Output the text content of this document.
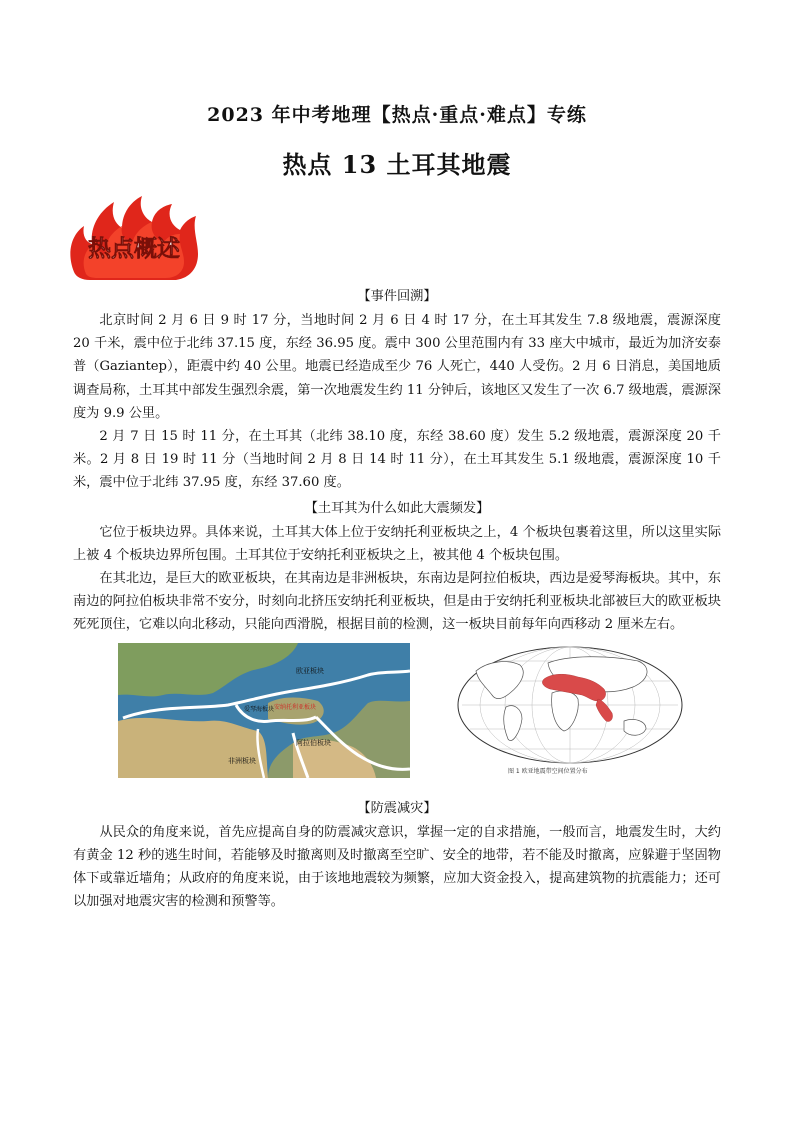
2023 年中考地理【热点·重点·难点】专练
热点 13 土耳其地震
热点概述
【事件回溯】

北京时间 2 月 6 日 9 时 17 分，当地时间 2 月 6 日 4 时 17 分，在土耳其发生 7.8 级地震，震源深度 20 千米，震中位于北纬 37.15 度，东经 36.95 度。震中 300 公里范围内有 33 座大中城市，最近为加济安泰普（Gaziantep），距震中约 40 公里。地震已经造成至少 76 人死亡，440 人受伤。2 月 6 日消息，美国地质调查局称，土耳其中部发生强烈余震，第一次地震发生约 11 分钟后，该地区又发生了一次 6.7 级地震，震源深度为 9.9 公里。

2 月 7 日 15 时 11 分，在土耳其（北纬 38.10 度，东经 38.60 度）发生 5.2 级地震，震源深度 20 千米。2 月 8 日 19 时 11 分（当地时间 2 月 8 日 14 时 11 分），在土耳其发生 5.1 级地震，震源深度 10 千米，震中位于北纬 37.95 度，东经 37.60 度。

【土耳其为什么如此大震频发】

它位于板块边界。具体来说，土耳其大体上位于安纳托利亚板块之上，4 个板块包裹着这里，所以这里实际上被 4 个板块边界所包围。土耳其位于安纳托利亚板块之上，被其他 4 个板块包围。

在其北边，是巨大的欧亚板块，在其南边是非洲板块，东南边是阿拉伯板块，西边是爱琴海板块。其中，东南边的阿拉伯板块非常不安分，时刻向北挤压安纳托利亚板块，但是由于安纳托利亚板块北部被巨大的欧亚板块死死顶住，它难以向北移动，只能向西滑脱，根据目前的检测，这一板块目前每年向西移动 2 厘米左右。

欧亚板块
爱琴海板块 安纳托利亚板块
阿拉伯板块
非洲板块
图 1 欧亚地震带空间位置分布
【防震减灾】

从民众的角度来说，首先应提高自身的防震减灾意识，掌握一定的自求措施，一般而言，地震发生时，大约有黄金 12 秒的逃生时间，若能够及时撤离则及时撤离至空旷、安全的地带，若不能及时撤离，应躲避于坚固物体下或靠近墙角；从政府的角度来说，由于该地地震较为频繁，应加大资金投入，提高建筑物的抗震能力；还可以加强对地震灾害的检测和预警等。
